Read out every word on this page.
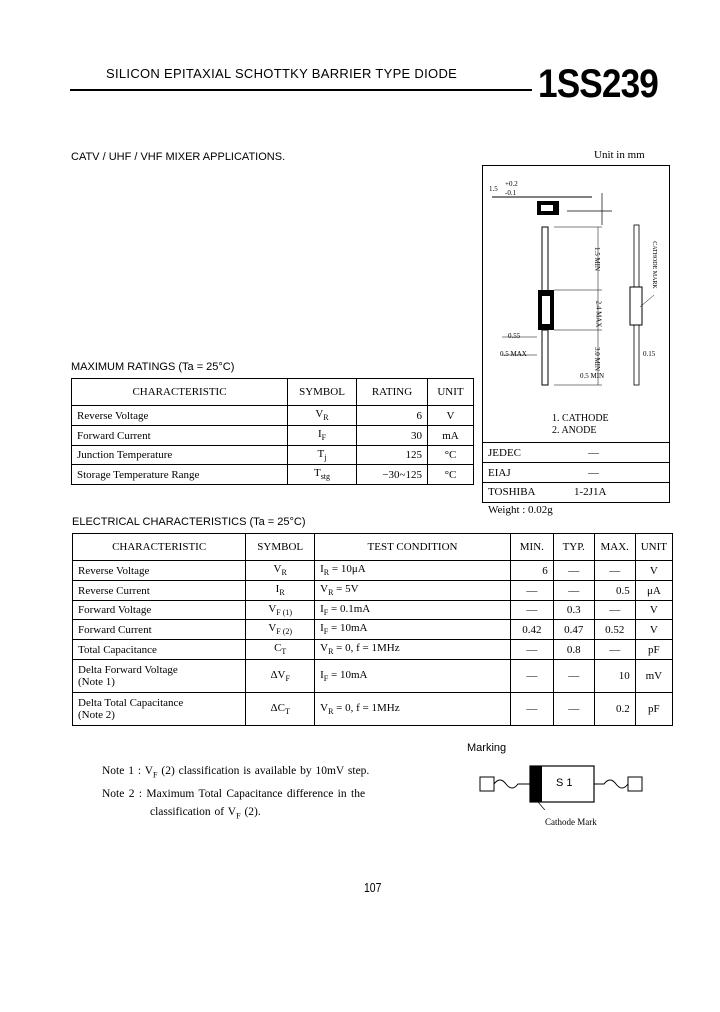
SILICON EPITAXIAL SCHOTTKY BARRIER TYPE DIODE 1SS239
CATV / UHF / VHF MIXER APPLICATIONS.	Unit in mm
1.5 MIN
2.4 MAX
3.0 MIN
0.55
0.5 MAX
0.5 MIN
0.15
CATHODE MARK
+0.2
-0.1
1.5
1. CATHODE
2. ANODE
JEDEC	—
EIAJ	—
TOSHIBA	1-2J1A
Weight : 0.02g
MAXIMUM RATINGS (Ta = 25°C)
CHARACTERISTIC	SYMBOL	RATING	UNIT
Reverse Voltage	$V_R$	6	V
Forward Current	$I_F$	30	mA
Junction Temperature	$T_j$	125	°C
Storage Temperature Range	$T_{stg}$	−30~125	°C
ELECTRICAL CHARACTERISTICS (Ta = 25°C)
CHARACTERISTIC	SYMBOL	TEST CONDITION	MIN.	TYP.	MAX.	UNIT
Reverse Voltage	$V_R$	$I_R = 10\mu A$	6	—	—	V
Reverse Current	$I_R$	$V_R = 5V$	—	—	0.5	μA
Forward Voltage	$V_{F (1)}$	$I_F = 0.1mA$	—	0.3	—	V
Forward Current	$V_{F (2)}$	$I_F = 10mA$	0.42	0.47	0.52	V
Total Capacitance	$C_T$	$V_R = 0$, f = 1MHz	—	0.8	—	pF
Delta Forward Voltage
(Note 1)	$\Delta V_F$	$I_F = 10mA$	—	—	10	mV
Delta Total Capacitance
(Note 2)	$\Delta C_T$	$V_R = 0$, f = 1MHz	—	—	0.2	pF
Note 1 : $V_F$ (2) classification is available by 10mV step.
Note 2 : Maximum Total Capacitance difference in the
classification of $V_F$ (2).
Marking
S 1
Cathode Mark
107
